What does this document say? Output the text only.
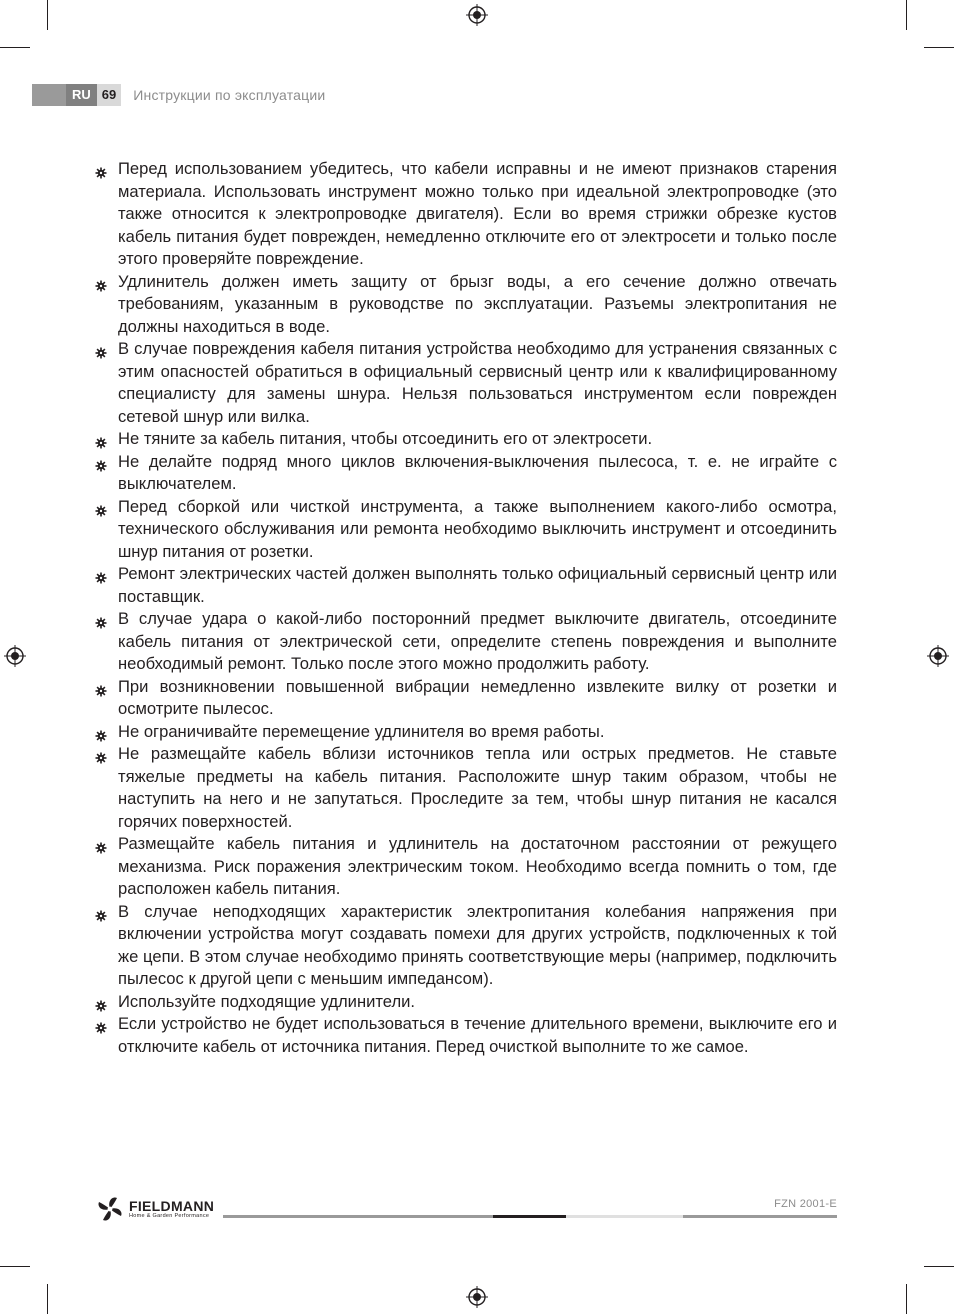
RU 69	Инструкции по эксплуатации
Перед использованием убедитесь, что кабели исправны и не имеют признаков старения материала. Использовать инструмент можно только при идеальной электропроводке (это также относится к электропроводке двигателя). Если во время стрижки обрезке кустов кабель питания будет поврежден, немедленно отключите его от электросети и только после этого проверяйте повреждение.
Удлинитель должен иметь защиту от брызг воды, а его сечение должно отвечать требованиям, указанным в руководстве по эксплуатации. Разъемы электропитания не должны находиться в воде.
В случае повреждения кабеля питания устройства необходимо для устранения связанных с этим опасностей обратиться в официальный сервисный центр или к квалифицированному специалисту для замены шнура. Нельзя пользоваться инструментом если поврежден сетевой шнур или вилка.
Не тяните за кабель питания, чтобы отсоединить его от электросети.
Не делайте подряд много циклов включения-выключения пылесоса, т. е. не играйте с выключателем.
Перед сборкой или чисткой инструмента, а также выполнением какого-либо осмотра, технического обслуживания или ремонта необходимо выключить инструмент и отсоединить шнур питания от розетки.
Ремонт электрических частей должен выполнять только официальный сервисный центр или поставщик.
В случае удара о какой-либо посторонний предмет выключите двигатель, отсоедините кабель питания от электрической сети, определите степень повреждения и выполните необходимый ремонт. Только после этого можно продолжить работу.
При возникновении повышенной вибрации немедленно извлеките вилку от розетки и осмотрите пылесос.
Не ограничивайте перемещение удлинителя во время работы.
Не размещайте кабель вблизи источников тепла или острых предметов. Не ставьте тяжелые предметы на кабель питания. Расположите шнур таким образом, чтобы не наступить на него и не запутаться. Проследите за тем, чтобы шнур питания не касался горячих поверхностей.
Размещайте кабель питания и удлинитель на достаточном расстоянии от режущего механизма. Риск поражения электрическим током. Необходимо всегда помнить о том, где расположен кабель питания.
В случае неподходящих характеристик электропитания колебания напряжения при включении устройства могут создавать помехи для других устройств, подключенных к той же цепи. В этом случае необходимо принять соответствующие меры (например, подключить пылесос к другой цепи с меньшим импедансом).
Используйте подходящие удлинители.
Если устройство не будет использоваться в течение длительного времени, выключите его и отключите кабель от источника питания. Перед очисткой выполните то же самое.
FIELDMANN
Home & Garden Performance
FZN 2001-E
